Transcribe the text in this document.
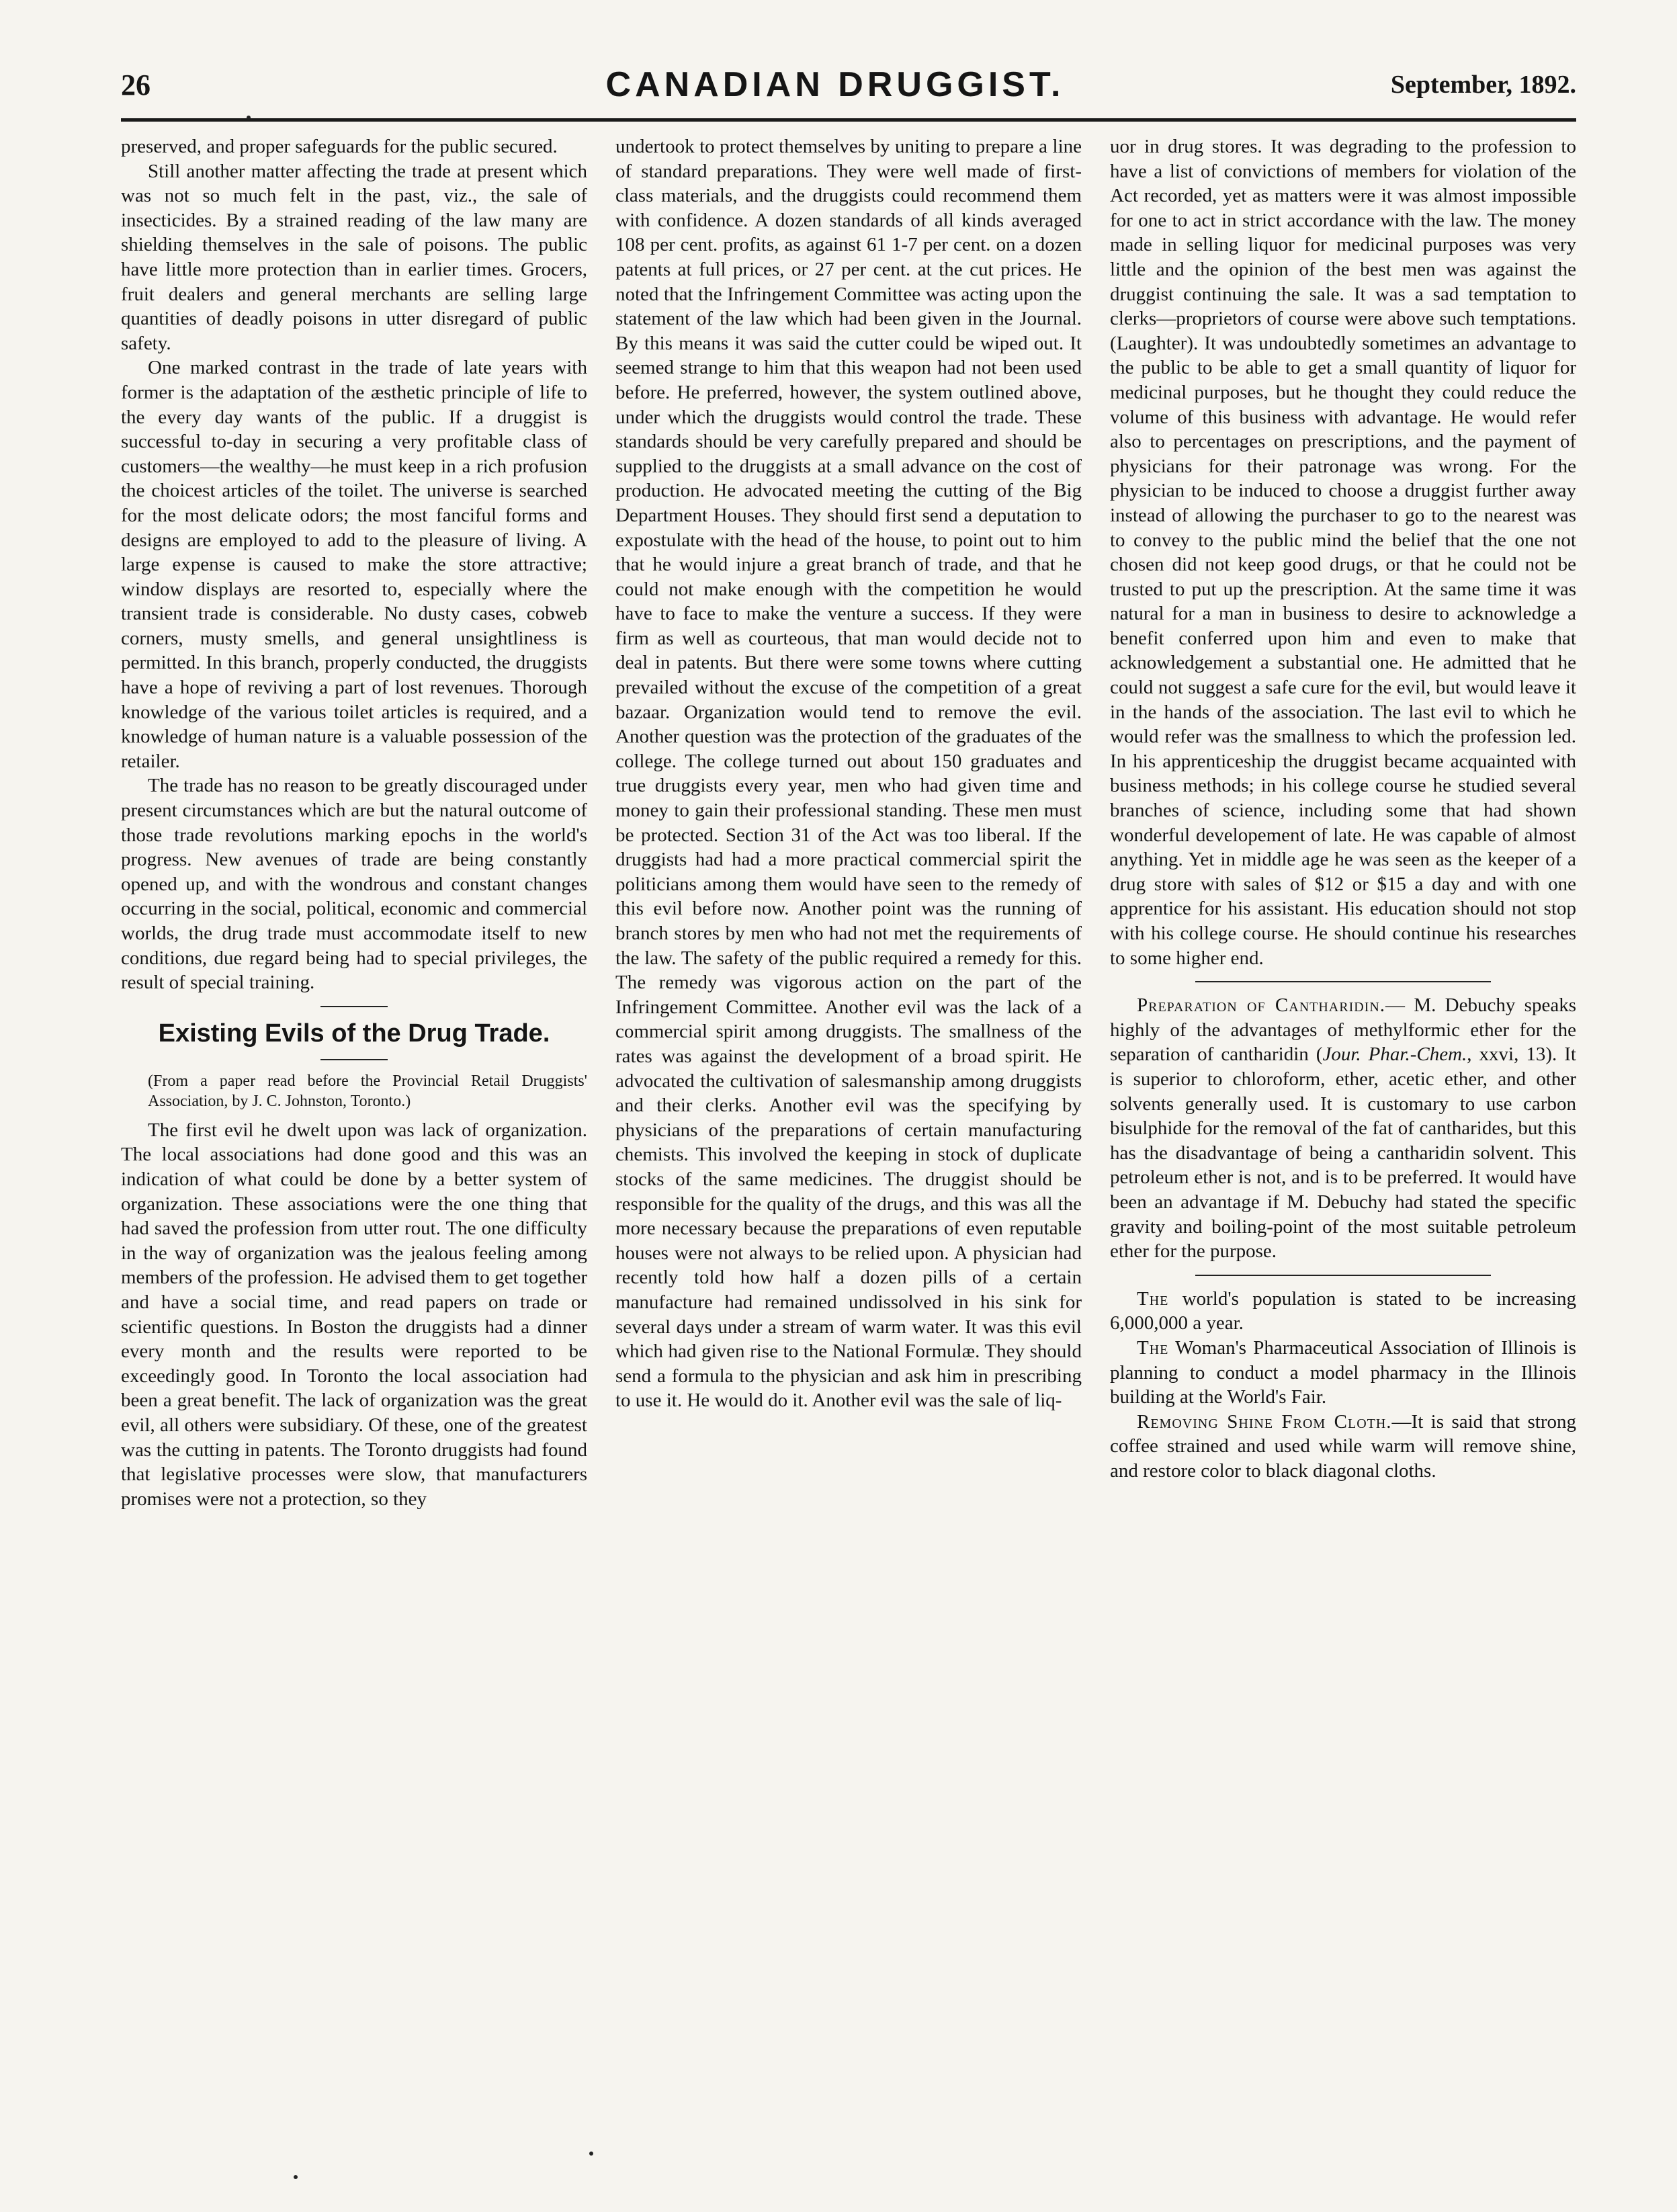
26	CANADIAN DRUGGIST.	September, 1892.

preserved, and proper safeguards for the public secured.

Still another matter affecting the trade at present which was not so much felt in the past, viz., the sale of insecticides. By a strained reading of the law many are shielding themselves in the sale of poisons. The public have little more protection than in earlier times. Grocers, fruit dealers and general merchants are selling large quantities of deadly poisons in utter disregard of public safety.

One marked contrast in the trade of late years with former is the adaptation of the æsthetic principle of life to the every day wants of the public. If a druggist is successful to-day in securing a very profitable class of customers—the wealthy—he must keep in a rich profusion the choicest articles of the toilet. The universe is searched for the most delicate odors; the most fanciful forms and designs are employed to add to the pleasure of living. A large expense is caused to make the store attractive; window displays are resorted to, especially where the transient trade is considerable. No dusty cases, cobweb corners, musty smells, and general unsightliness is permitted. In this branch, properly conducted, the druggists have a hope of reviving a part of lost revenues. Thorough knowledge of the various toilet articles is required, and a knowledge of human nature is a valuable possession of the retailer.

The trade has no reason to be greatly discouraged under present circumstances which are but the natural outcome of those trade revolutions marking epochs in the world's progress. New avenues of trade are being constantly opened up, and with the wondrous and constant changes occurring in the social, political, economic and commercial worlds, the drug trade must accommodate itself to new conditions, due regard being had to special privileges, the result of special training.

Existing Evils of the Drug Trade.

(From a paper read before the Provincial Retail Druggists' Association, by J. C. Johnston, Toronto.)

The first evil he dwelt upon was lack of organization. The local associations had done good and this was an indication of what could be done by a better system of organization. These associations were the one thing that had saved the profession from utter rout. The one difficulty in the way of organization was the jealous feeling among members of the profession. He advised them to get together and have a social time, and read papers on trade or scientific questions. In Boston the druggists had a dinner every month and the results were reported to be exceedingly good. In Toronto the local association had been a great benefit. The lack of organization was the great evil, all others were subsidiary. Of these, one of the greatest was the cutting in patents. The Toronto druggists had found that legislative processes were slow, that manufacturers promises were not a protection, so they

undertook to protect themselves by uniting to prepare a line of standard preparations. They were well made of first-class materials, and the druggists could recommend them with confidence. A dozen standards of all kinds averaged 108 per cent. profits, as against 61 1-7 per cent. on a dozen patents at full prices, or 27 per cent. at the cut prices. He noted that the Infringement Committee was acting upon the statement of the law which had been given in the Journal. By this means it was said the cutter could be wiped out. It seemed strange to him that this weapon had not been used before. He preferred, however, the system outlined above, under which the druggists would control the trade. These standards should be very carefully prepared and should be supplied to the druggists at a small advance on the cost of production. He advocated meeting the cutting of the Big Department Houses. They should first send a deputation to expostulate with the head of the house, to point out to him that he would injure a great branch of trade, and that he could not make enough with the competition he would have to face to make the venture a success. If they were firm as well as courteous, that man would decide not to deal in patents. But there were some towns where cutting prevailed without the excuse of the competition of a great bazaar. Organization would tend to remove the evil. Another question was the protection of the graduates of the college. The college turned out about 150 graduates and true druggists every year, men who had given time and money to gain their professional standing. These men must be protected. Section 31 of the Act was too liberal. If the druggists had had a more practical commercial spirit the politicians among them would have seen to the remedy of this evil before now. Another point was the running of branch stores by men who had not met the requirements of the law. The safety of the public required a remedy for this. The remedy was vigorous action on the part of the Infringement Committee. Another evil was the lack of a commercial spirit among druggists. The smallness of the rates was against the development of a broad spirit. He advocated the cultivation of salesmanship among druggists and their clerks. Another evil was the specifying by physicians of the preparations of certain manufacturing chemists. This involved the keeping in stock of duplicate stocks of the same medicines. The druggist should be responsible for the quality of the drugs, and this was all the more necessary because the preparations of even reputable houses were not always to be relied upon. A physician had recently told how half a dozen pills of a certain manufacture had remained undissolved in his sink for several days under a stream of warm water. It was this evil which had given rise to the National Formulæ. They should send a formula to the physician and ask him in prescribing to use it. He would do it. Another evil was the sale of liq-

uor in drug stores. It was degrading to the profession to have a list of convictions of members for violation of the Act recorded, yet as matters were it was almost impossible for one to act in strict accordance with the law. The money made in selling liquor for medicinal purposes was very little and the opinion of the best men was against the druggist continuing the sale. It was a sad temptation to clerks—proprietors of course were above such temptations. (Laughter). It was undoubtedly sometimes an advantage to the public to be able to get a small quantity of liquor for medicinal purposes, but he thought they could reduce the volume of this business with advantage. He would refer also to percentages on prescriptions, and the payment of physicians for their patronage was wrong. For the physician to be induced to choose a druggist further away instead of allowing the purchaser to go to the nearest was to convey to the public mind the belief that the one not chosen did not keep good drugs, or that he could not be trusted to put up the prescription. At the same time it was natural for a man in business to desire to acknowledge a benefit conferred upon him and even to make that acknowledgement a substantial one. He admitted that he could not suggest a safe cure for the evil, but would leave it in the hands of the association. The last evil to which he would refer was the smallness to which the profession led. In his apprenticeship the druggist became acquainted with business methods; in his college course he studied several branches of science, including some that had shown wonderful developement of late. He was capable of almost anything. Yet in middle age he was seen as the keeper of a drug store with sales of $12 or $15 a day and with one apprentice for his assistant. His education should not stop with his college course. He should continue his researches to some higher end.

Preparation of Cantharidin.— M. Debuchy speaks highly of the advantages of methylformic ether for the separation of cantharidin (Jour. Phar.-Chem., xxvi, 13). It is superior to chloroform, ether, acetic ether, and other solvents generally used. It is customary to use carbon bisulphide for the removal of the fat of cantharides, but this has the disadvantage of being a cantharidin solvent. This petroleum ether is not, and is to be preferred. It would have been an advantage if M. Debuchy had stated the specific gravity and boiling-point of the most suitable petroleum ether for the purpose.

The world's population is stated to be increasing 6,000,000 a year.

The Woman's Pharmaceutical Association of Illinois is planning to conduct a model pharmacy in the Illinois building at the World's Fair.

Removing Shine From Cloth.—It is said that strong coffee strained and used while warm will remove shine, and restore color to black diagonal cloths.
